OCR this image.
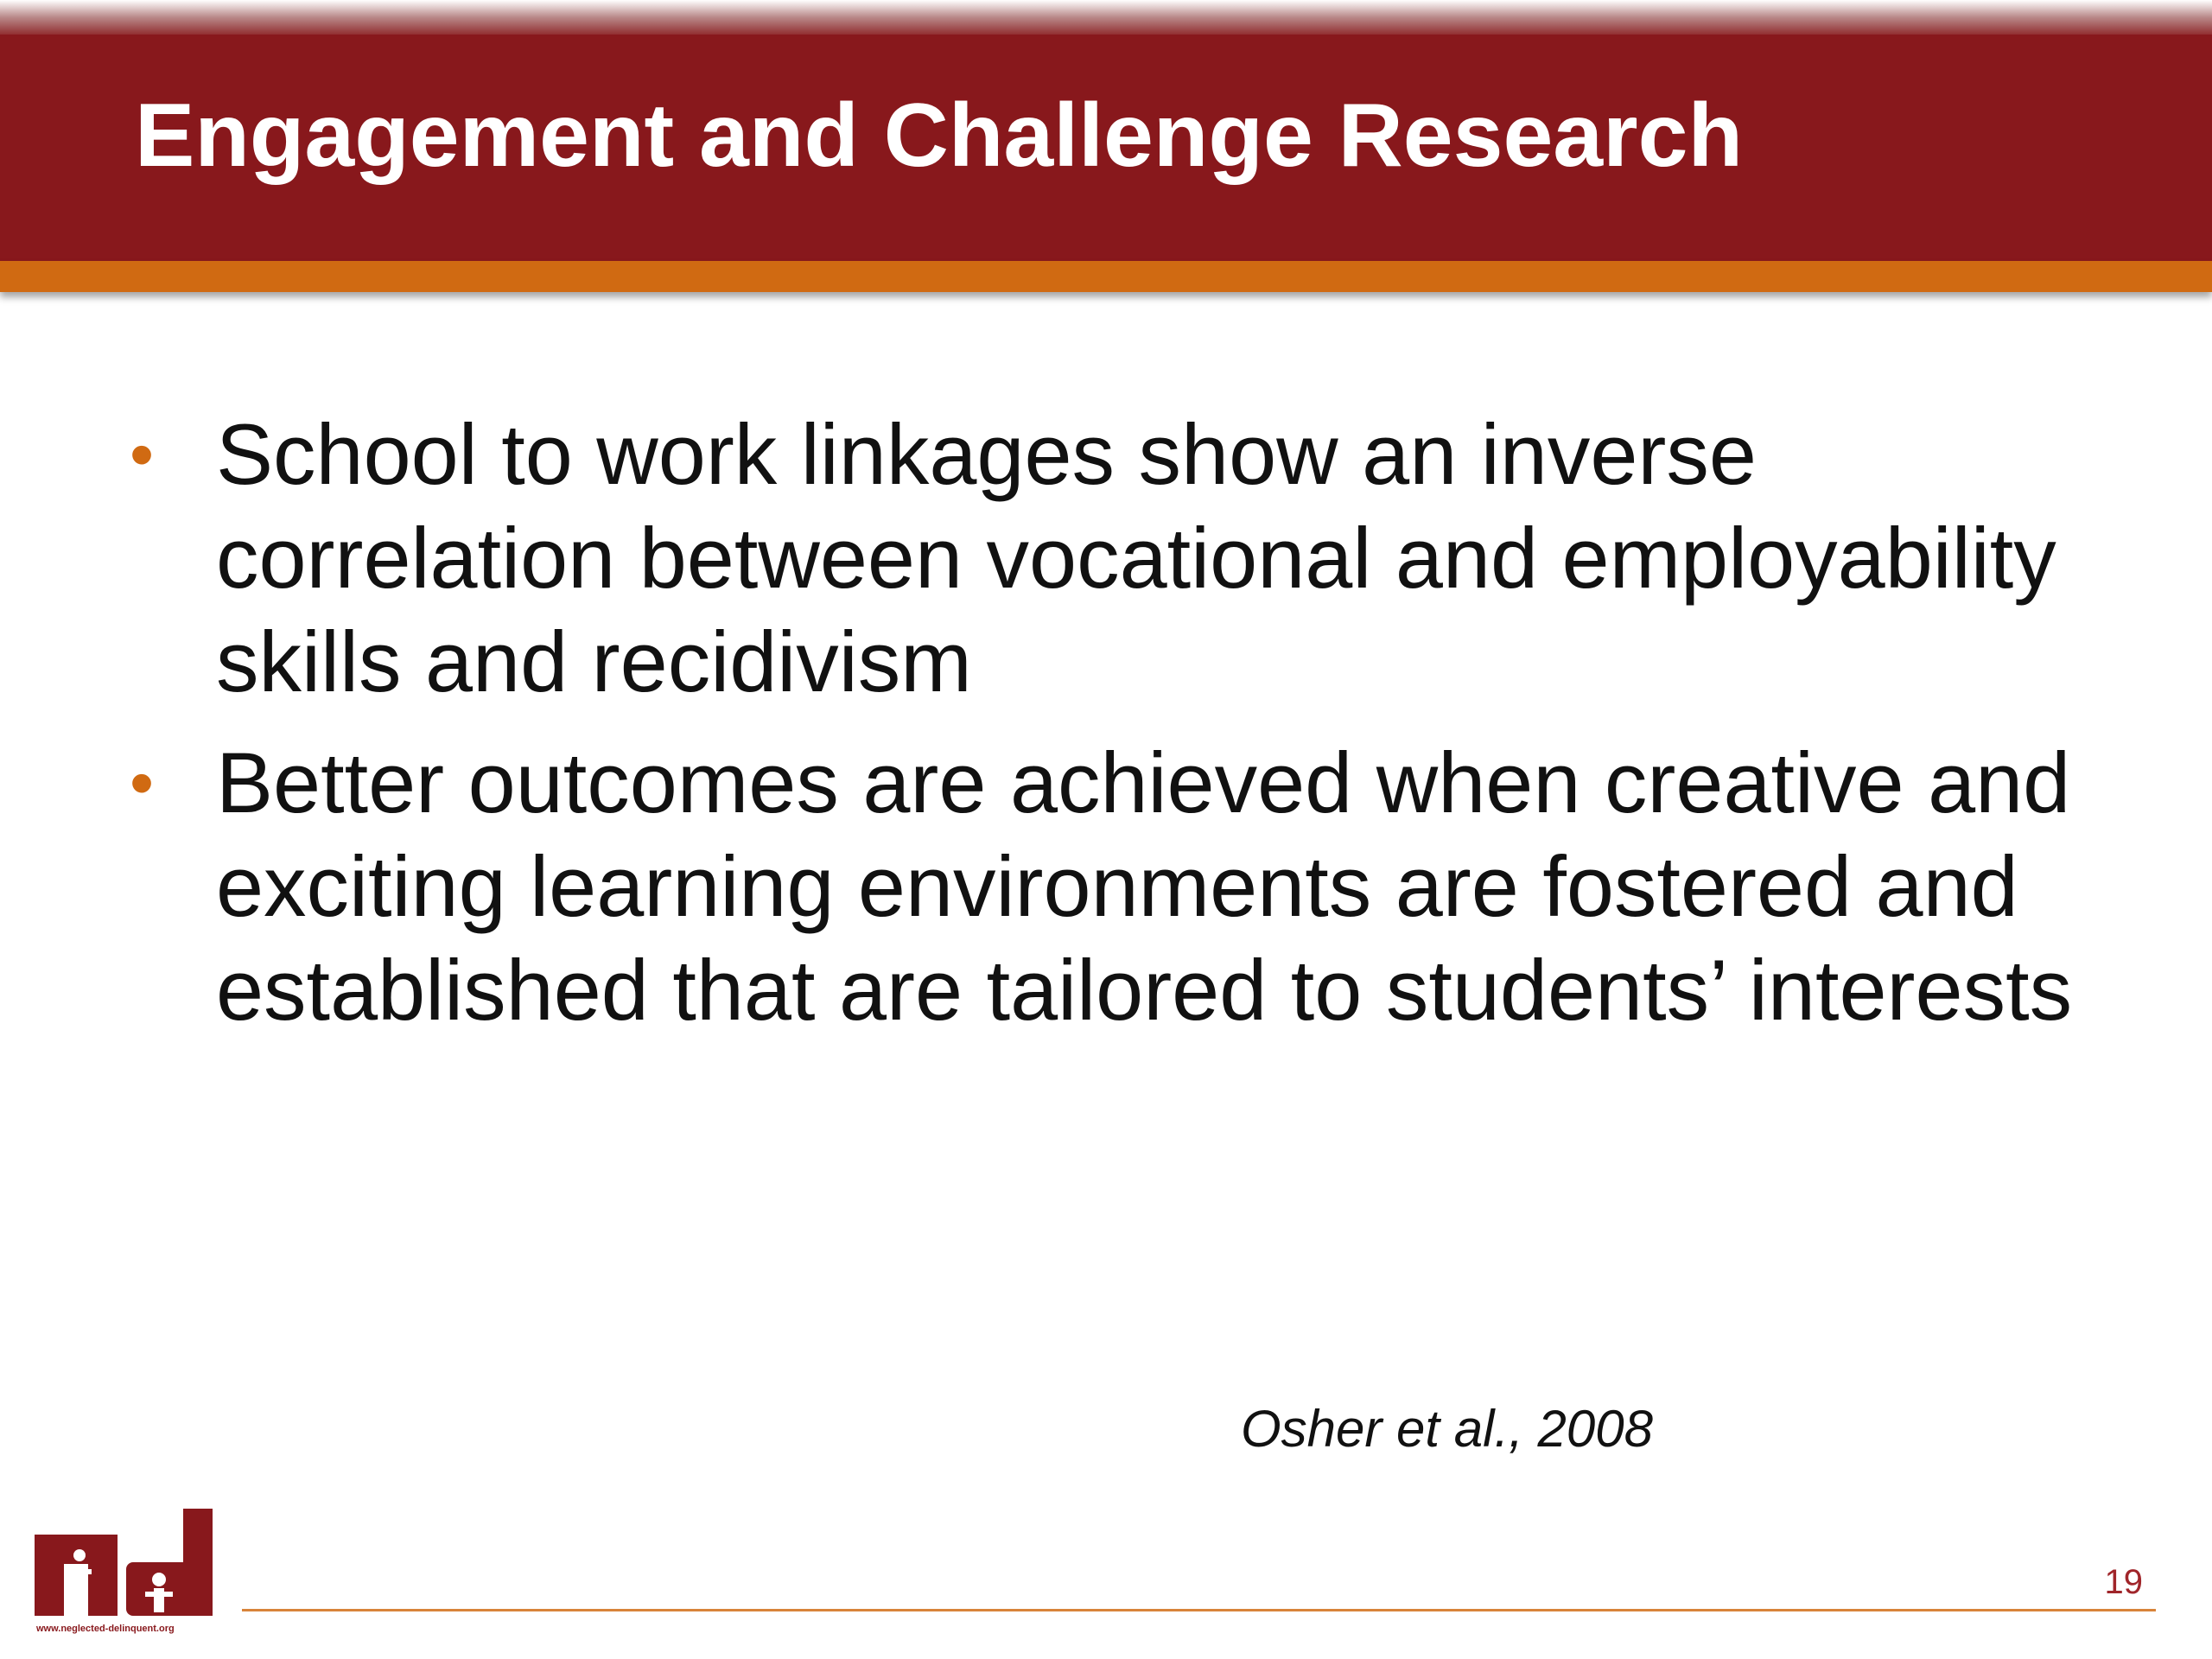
Engagement and Challenge Research
• School to work linkages show an inverse correlation between vocational and employability skills and recidivism
• Better outcomes are achieved when creative and exciting learning environments are fostered and established that are tailored to students’ interests
Osher et al., 2008
www.neglected-delinquent.org
19
